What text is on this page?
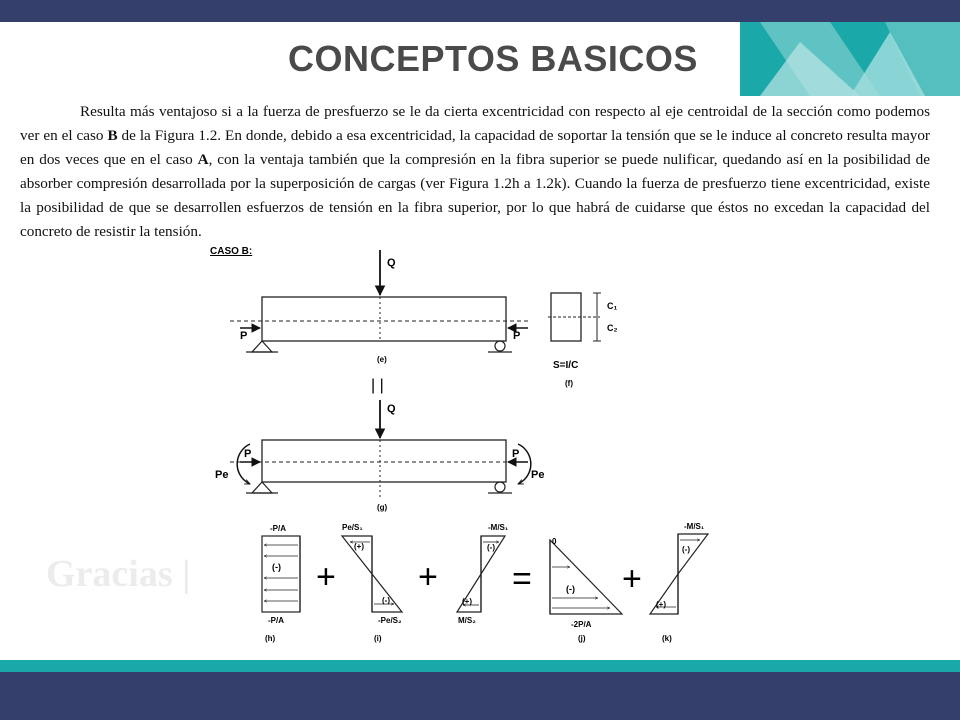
CONCEPTOS BASICOS
Resulta más ventajoso si a la fuerza de presfuerzo se le da cierta excentricidad con respecto al eje centroidal de la sección como podemos ver en el caso B de la Figura 1.2. En donde, debido a esa excentricidad, la capacidad de soportar la tensión que se le induce al concreto resulta mayor en dos veces que en el caso A, con la ventaja también que la compresión en la fibra superior se puede nulificar, quedando así en la posibilidad de absorber compresión desarrollada por la superposición de cargas (ver Figura 1.2h a 1.2k). Cuando la fuerza de presfuerzo tiene excentricidad, existe la posibilidad de que se desarrollen esfuerzos de tensión en la fibra superior, por lo que habrá de cuidarse que éstos no excedan la capacidad del concreto de resistir la tensión.
Gracias |
CASO B:
Q
P	P
(e)
C₁
C₂
S=I/C
(f)
| |
Q
P	P
Pe	Pe
(g)
-P/A
(-)
-P/A
(h)
+
Pe/S₁
(+)
(-)
-Pe/S₂
(i)
+
-M/S₁
(-)
(+)
M/S₂
=
0
(-)
-2P/A
(j)
+
-M/S₁
(-)
(+)
(k)
